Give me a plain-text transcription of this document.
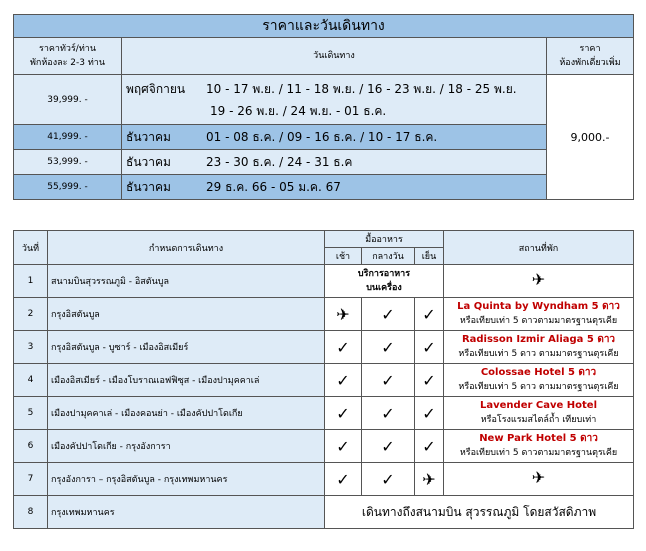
ราคาและวันเดินทาง		
ราคาทัวร์/ท่าน
พักห้องละ 2-3 ท่าน	วันเดินทาง	ราคา
ห้องพักเดี่ยวเพิ่ม
39,999. -	พฤศจิกายน 10 - 17 พ.ย. / 11 - 18 พ.ย. / 16 - 23 พ.ย. / 18 - 25 พ.ย.
19 - 26 พ.ย. / 24 พ.ย. - 01 ธ.ค.	9,000.-
41,999. -	ธันวาคม 01 - 08 ธ.ค. / 09 - 16 ธ.ค. / 10 - 17 ธ.ค.	
53,999. -	ธันวาคม 23 - 30 ธ.ค. / 24 - 31 ธ.ค	
55,999. -	ธันวาคม 29 ธ.ค. 66 - 05 ม.ค. 67	
วันที่	กำหนดการเดินทาง	มื้ออาหาร			สถานที่พัก
		เช้า	กลางวัน	เย็น	
1	สนามบินสุวรรณภูมิ - อิสตันบูล	บริการอาหาร
บนเครื่อง			✈
2	กรุงอิสตันบูล	✈	✓	✓	La Quinta by Wyndham 5 ดาว
หรือเทียบเท่า 5 ดาวตามมาตรฐานตุรเคีย
3	กรุงอิสตันบูล - บูซาร์ - เมืองอิสเมียร์	✓	✓	✓	Radisson Izmir Aliaga 5 ดาว
หรือเทียบเท่า 5 ดาว ตามมาตรฐานตุรเคีย
4	เมืองอิสเมียร์ - เมืองโบราณเอฟฟิซุส - เมืองปามุคคาเล่	✓	✓	✓	Colossae Hotel 5 ดาว
หรือเทียบเท่า 5 ดาว ตามมาตรฐานตุรเคีย
5	เมืองปามุคคาเล่ - เมืองคอนย่า - เมืองคัปปาโดเกีย	✓	✓	✓	Lavender Cave Hotel
หรือโรงแรมสไตล์ถ้ำ เทียบเท่า
6	เมืองคัปปาโดเกีย - กรุงอังการา	✓	✓	✓	New Park Hotel 5 ดาว
หรือเทียบเท่า 5 ดาวตามมาตรฐานตุรเคีย
7	กรุงอังการา – กรุงอิสตันบูล - กรุงเทพมหานคร	✓	✓	✈	✈
8	กรุงเทพมหานคร	เดินทางถึงสนามบิน สุวรรณภูมิ โดยสวัสดิภาพ			
